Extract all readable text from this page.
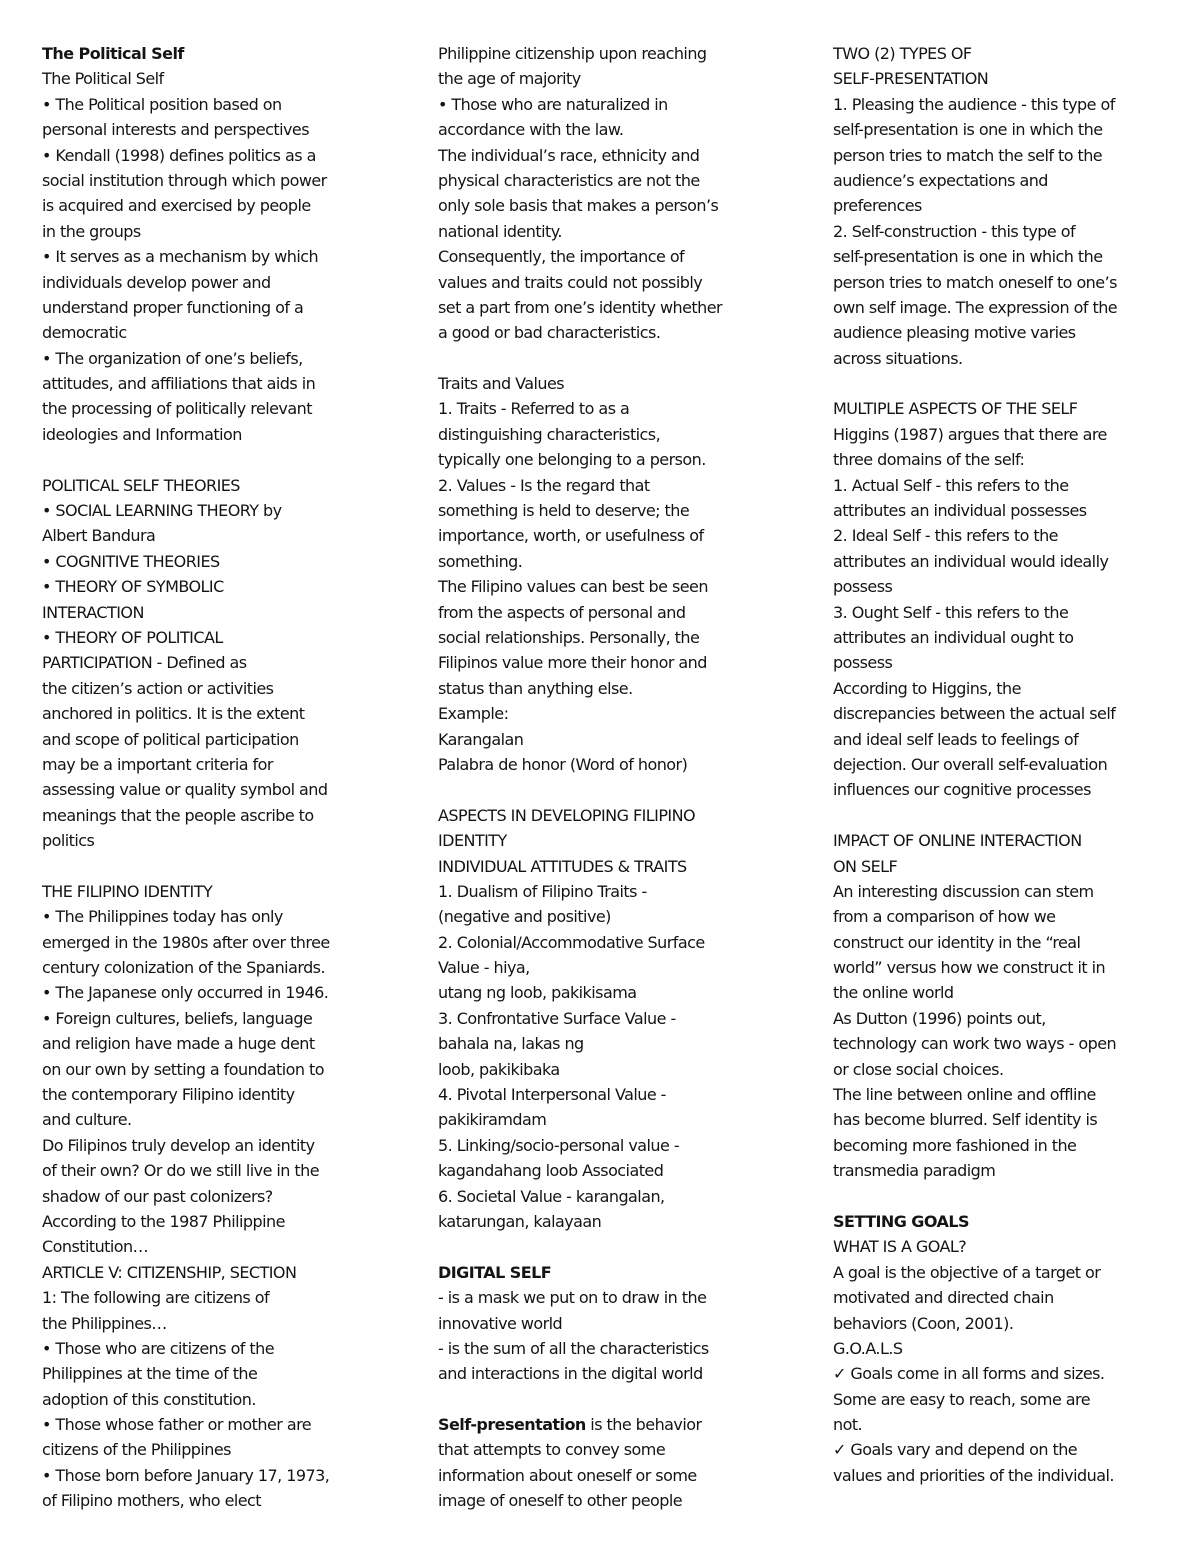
The Political Self
The Political Self
• The Political position based on
personal interests and perspectives
• Kendall (1998) defines politics as a
social institution through which power
is acquired and exercised by people
in the groups
• It serves as a mechanism by which
individuals develop power and
understand proper functioning of a
democratic
• The organization of one’s beliefs,
attitudes, and affiliations that aids in
the processing of politically relevant
ideologies and Information
POLITICAL SELF THEORIES
• SOCIAL LEARNING THEORY by
Albert Bandura
• COGNITIVE THEORIES
• THEORY OF SYMBOLIC
INTERACTION
• THEORY OF POLITICAL
PARTICIPATION - Defined as
the citizen’s action or activities
anchored in politics. It is the extent
and scope of political participation
may be a important criteria for
assessing value or quality symbol and
meanings that the people ascribe to
politics
THE FILIPINO IDENTITY
• The Philippines today has only
emerged in the 1980s after over three
century colonization of the Spaniards.
• The Japanese only occurred in 1946.
• Foreign cultures, beliefs, language
and religion have made a huge dent
on our own by setting a foundation to
the contemporary Filipino identity
and culture.
Do Filipinos truly develop an identity
of their own? Or do we still live in the
shadow of our past colonizers?
According to the 1987 Philippine
Constitution…
ARTICLE V: CITIZENSHIP, SECTION
1: The following are citizens of
the Philippines…
• Those who are citizens of the
Philippines at the time of the
adoption of this constitution.
• Those whose father or mother are
citizens of the Philippines
• Those born before January 17, 1973,
of Filipino mothers, who elect
Philippine citizenship upon reaching
the age of majority
• Those who are naturalized in
accordance with the law.
The individual’s race, ethnicity and
physical characteristics are not the
only sole basis that makes a person’s
national identity.
Consequently, the importance of
values and traits could not possibly
set a part from one’s identity whether
a good or bad characteristics.
Traits and Values
1. Traits - Referred to as a
distinguishing characteristics,
typically one belonging to a person.
2. Values - Is the regard that
something is held to deserve; the
importance, worth, or usefulness of
something.
The Filipino values can best be seen
from the aspects of personal and
social relationships. Personally, the
Filipinos value more their honor and
status than anything else.
Example:
Karangalan
Palabra de honor (Word of honor)
ASPECTS IN DEVELOPING FILIPINO
IDENTITY
INDIVIDUAL ATTITUDES & TRAITS
1. Dualism of Filipino Traits -
(negative and positive)
2. Colonial/Accommodative Surface
Value - hiya,
utang ng loob, pakikisama
3. Confrontative Surface Value -
bahala na, lakas ng
loob, pakikibaka
4. Pivotal Interpersonal Value -
pakikiramdam
5. Linking/socio-personal value -
kagandahang loob Associated
6. Societal Value - karangalan,
katarungan, kalayaan
DIGITAL SELF
- is a mask we put on to draw in the
innovative world
- is the sum of all the characteristics
and interactions in the digital world
Self-presentation is the behavior
that attempts to convey some
information about oneself or some
image of oneself to other people
TWO (2) TYPES OF
SELF-PRESENTATION
1. Pleasing the audience - this type of
self-presentation is one in which the
person tries to match the self to the
audience’s expectations and
preferences
2. Self-construction - this type of
self-presentation is one in which the
person tries to match oneself to one’s
own self image. The expression of the
audience pleasing motive varies
across situations.
MULTIPLE ASPECTS OF THE SELF
Higgins (1987) argues that there are
three domains of the self:
1. Actual Self - this refers to the
attributes an individual possesses
2. Ideal Self - this refers to the
attributes an individual would ideally
possess
3. Ought Self - this refers to the
attributes an individual ought to
possess
According to Higgins, the
discrepancies between the actual self
and ideal self leads to feelings of
dejection. Our overall self-evaluation
influences our cognitive processes
IMPACT OF ONLINE INTERACTION
ON SELF
An interesting discussion can stem
from a comparison of how we
construct our identity in the “real
world” versus how we construct it in
the online world
As Dutton (1996) points out,
technology can work two ways - open
or close social choices.
The line between online and offline
has become blurred. Self identity is
becoming more fashioned in the
transmedia paradigm
SETTING GOALS
WHAT IS A GOAL?
A goal is the objective of a target or
motivated and directed chain
behaviors (Coon, 2001).
G.O.A.L.S
✓ Goals come in all forms and sizes.
Some are easy to reach, some are
not.
✓ Goals vary and depend on the
values and priorities of the individual.
